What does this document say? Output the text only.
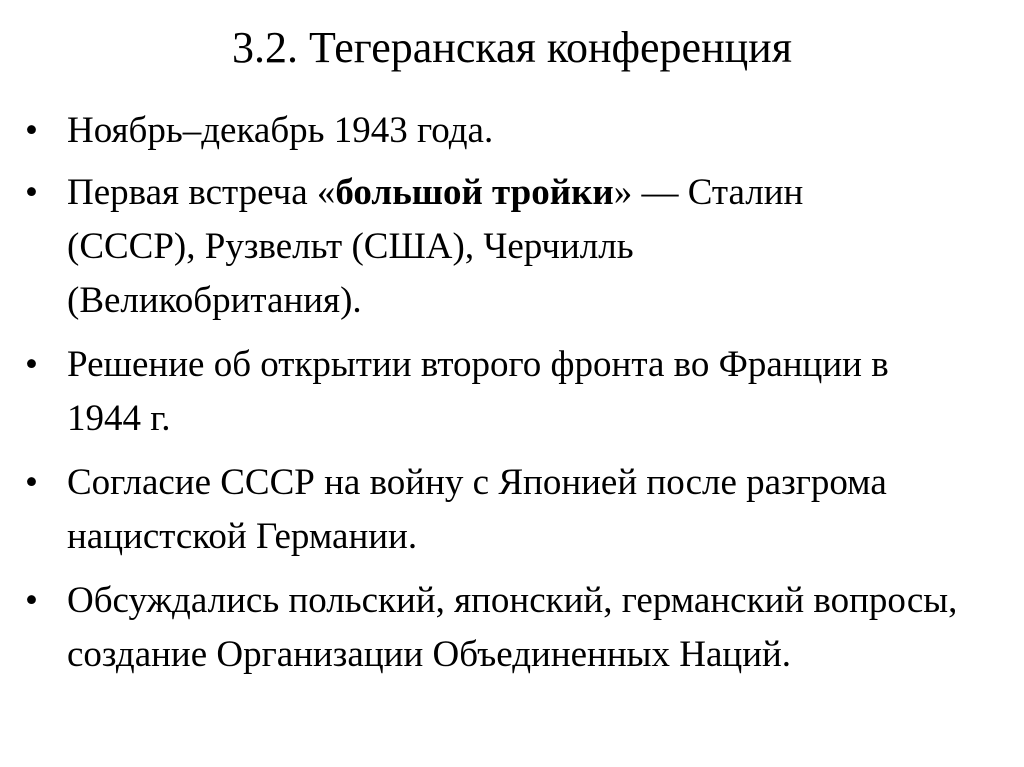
3.2. Тегеранская конференция
• Ноябрь–декабрь 1943 года.
• Первая встреча «большой тройки» — Сталин (СССР), Рузвельт (США), Черчилль (Великобритания).
• Решение об открытии второго фронта во Франции в 1944 г.
• Согласие СССР на войну с Японией после разгрома нацистской Германии.
• Обсуждались польский, японский, германский вопросы, создание Организации Объединенных Наций.
